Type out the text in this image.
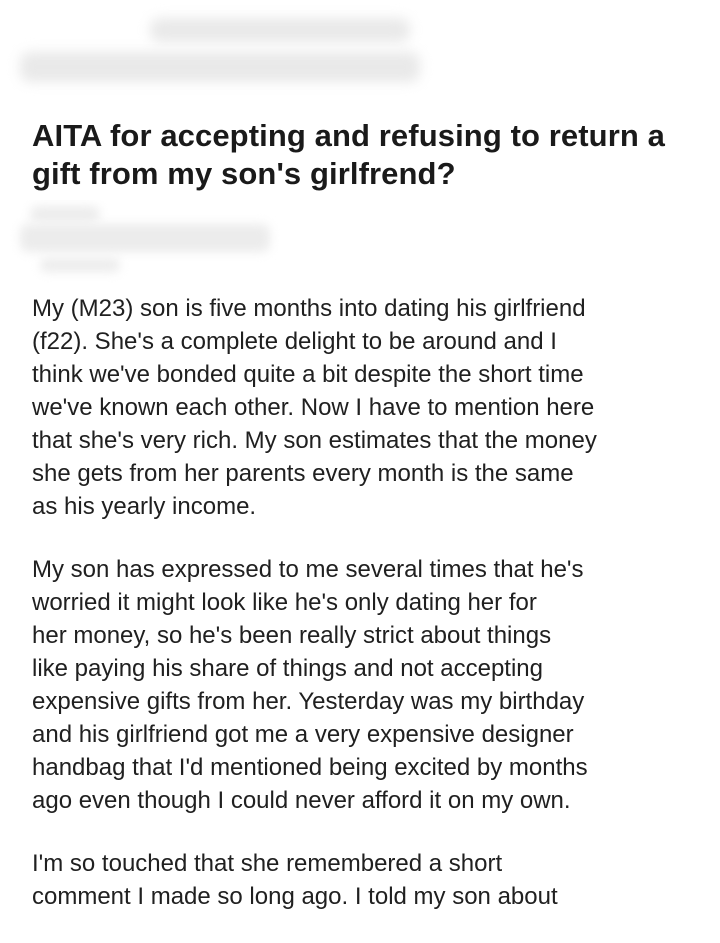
AITA for accepting and refusing to return a gift from my son's girlfrend?

My (M23) son is five months into dating his girlfriend
(f22). She's a complete delight to be around and I
think we've bonded quite a bit despite the short time
we've known each other. Now I have to mention here
that she's very rich. My son estimates that the money
she gets from her parents every month is the same
as his yearly income.

My son has expressed to me several times that he's
worried it might look like he's only dating her for
her money, so he's been really strict about things
like paying his share of things and not accepting
expensive gifts from her. Yesterday was my birthday
and his girlfriend got me a very expensive designer
handbag that I'd mentioned being excited by months
ago even though I could never afford it on my own.

I'm so touched that she remembered a short
comment I made so long ago. I told my son about
